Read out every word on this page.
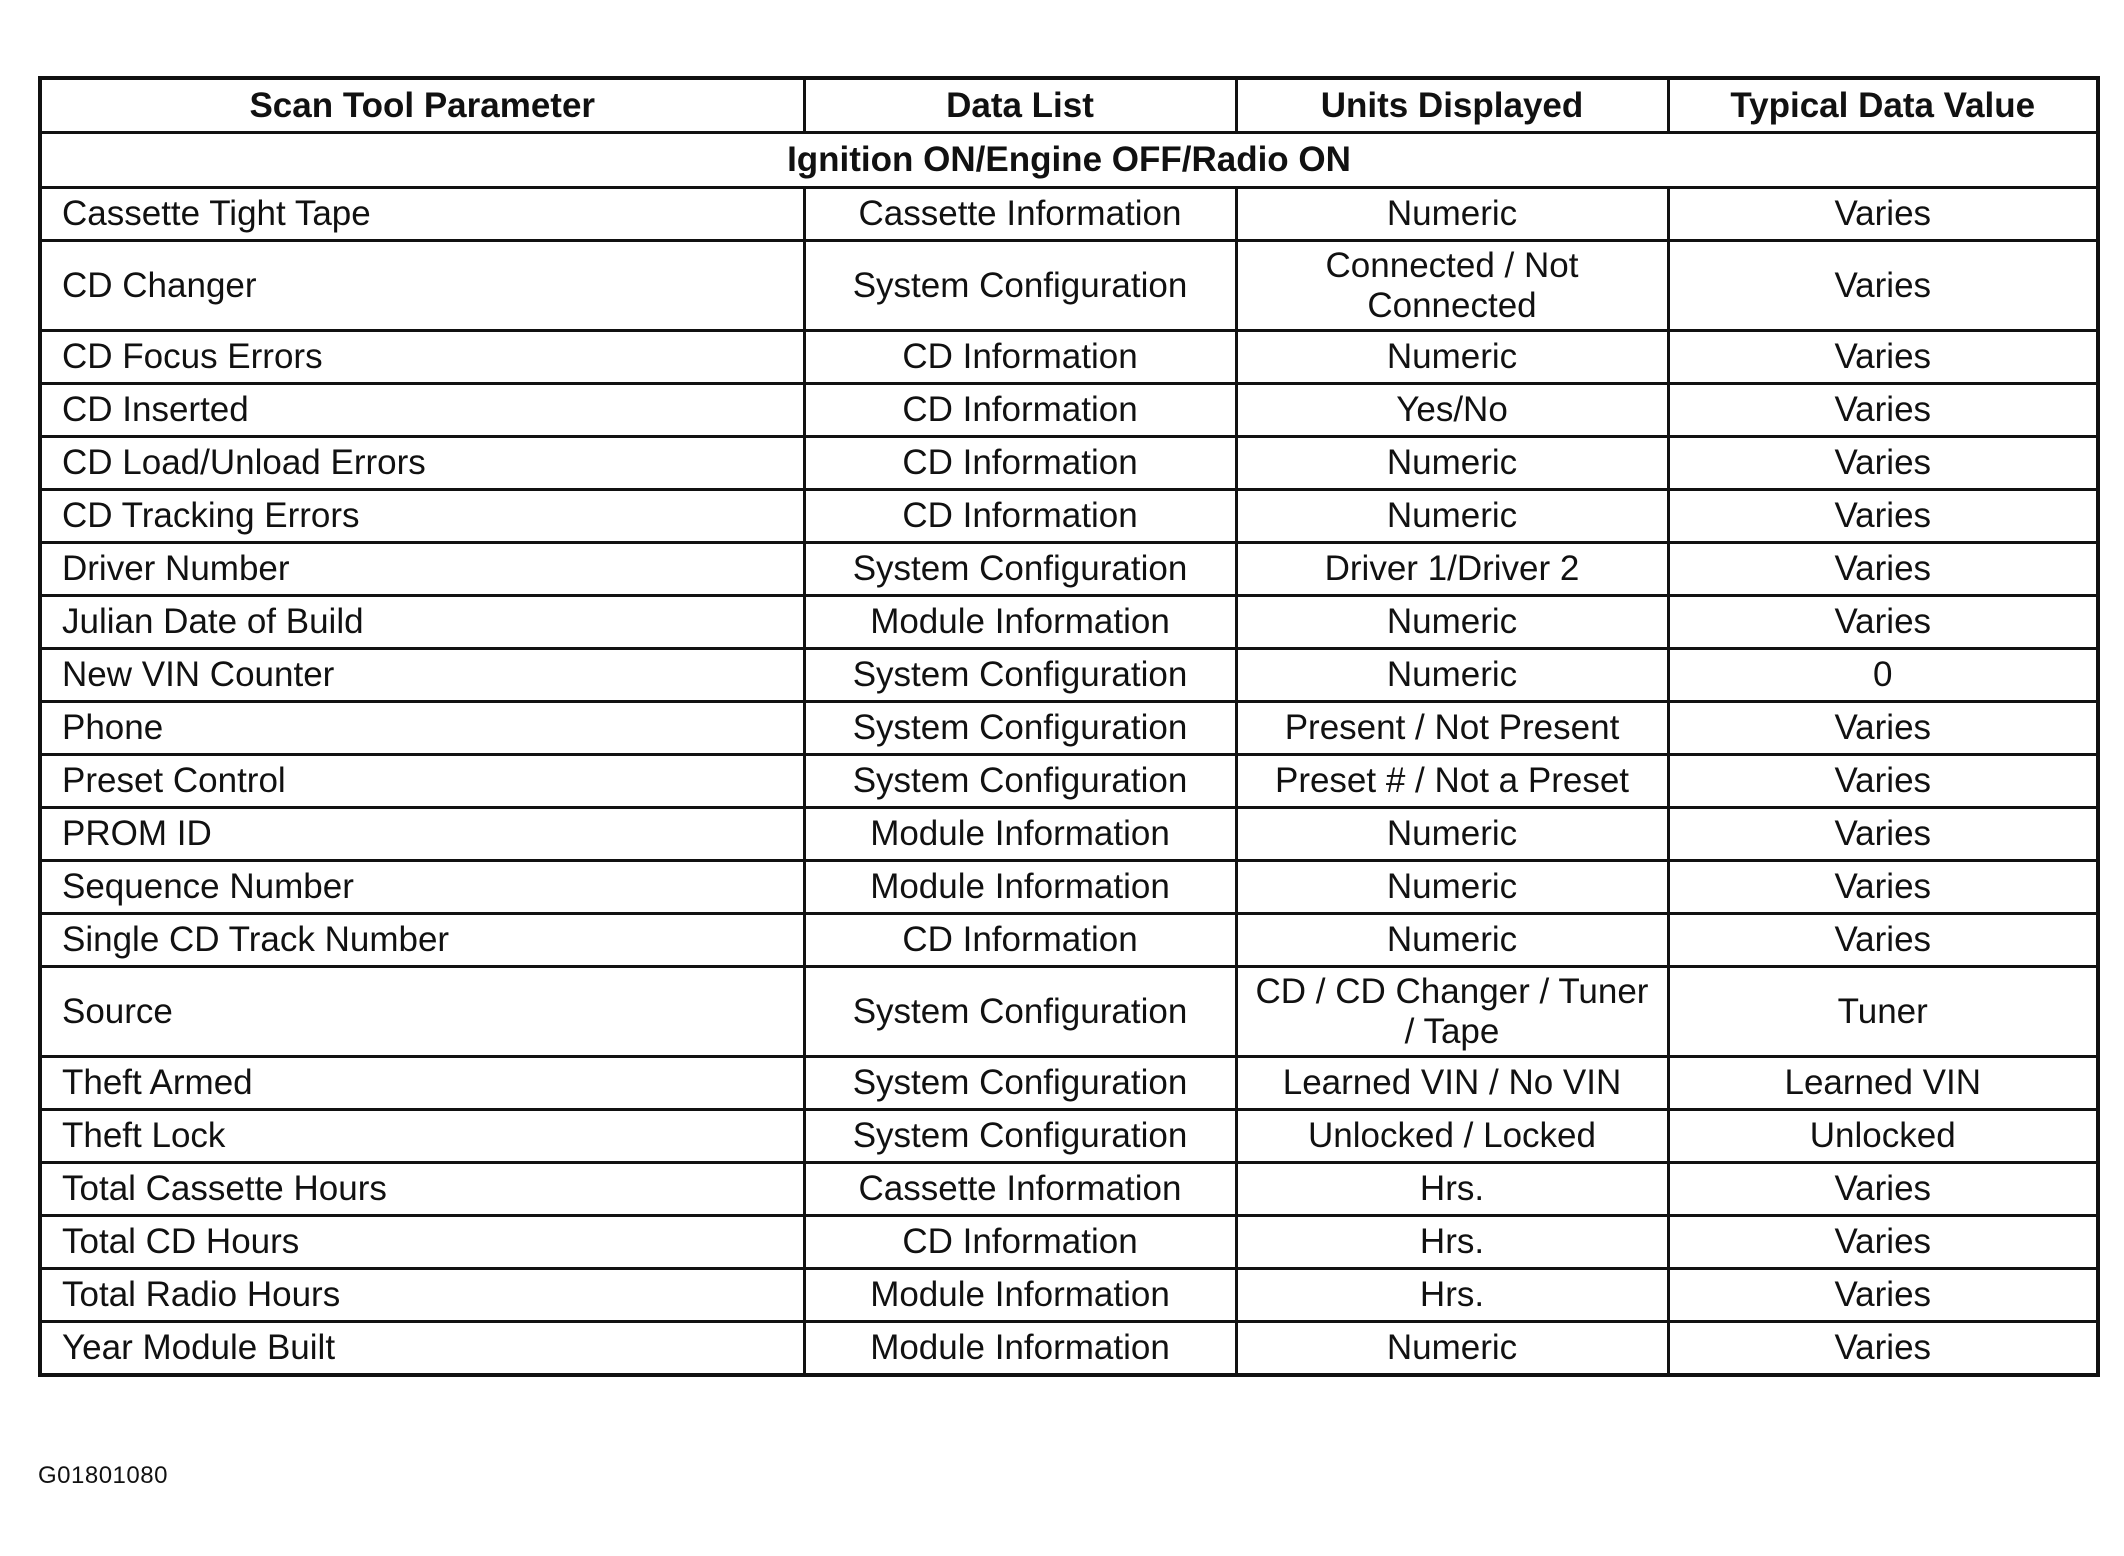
Scan Tool Parameter	Data List	Units Displayed	Typical Data Value
Ignition ON/Engine OFF/Radio ON			
Cassette Tight Tape	Cassette Information	Numeric	Varies
CD Changer	System Configuration	Connected / Not Connected	Varies
CD Focus Errors	CD Information	Numeric	Varies
CD Inserted	CD Information	Yes/No	Varies
CD Load/Unload Errors	CD Information	Numeric	Varies
CD Tracking Errors	CD Information	Numeric	Varies
Driver Number	System Configuration	Driver 1/Driver 2	Varies
Julian Date of Build	Module Information	Numeric	Varies
New VIN Counter	System Configuration	Numeric	0
Phone	System Configuration	Present / Not Present	Varies
Preset Control	System Configuration	Preset # / Not a Preset	Varies
PROM ID	Module Information	Numeric	Varies
Sequence Number	Module Information	Numeric	Varies
Single CD Track Number	CD Information	Numeric	Varies
Source	System Configuration	CD / CD Changer / Tuner / Tape	Tuner
Theft Armed	System Configuration	Learned VIN / No VIN	Learned VIN
Theft Lock	System Configuration	Unlocked / Locked	Unlocked
Total Cassette Hours	Cassette Information	Hrs.	Varies
Total CD Hours	CD Information	Hrs.	Varies
Total Radio Hours	Module Information	Hrs.	Varies
Year Module Built	Module Information	Numeric	Varies
G01801080
